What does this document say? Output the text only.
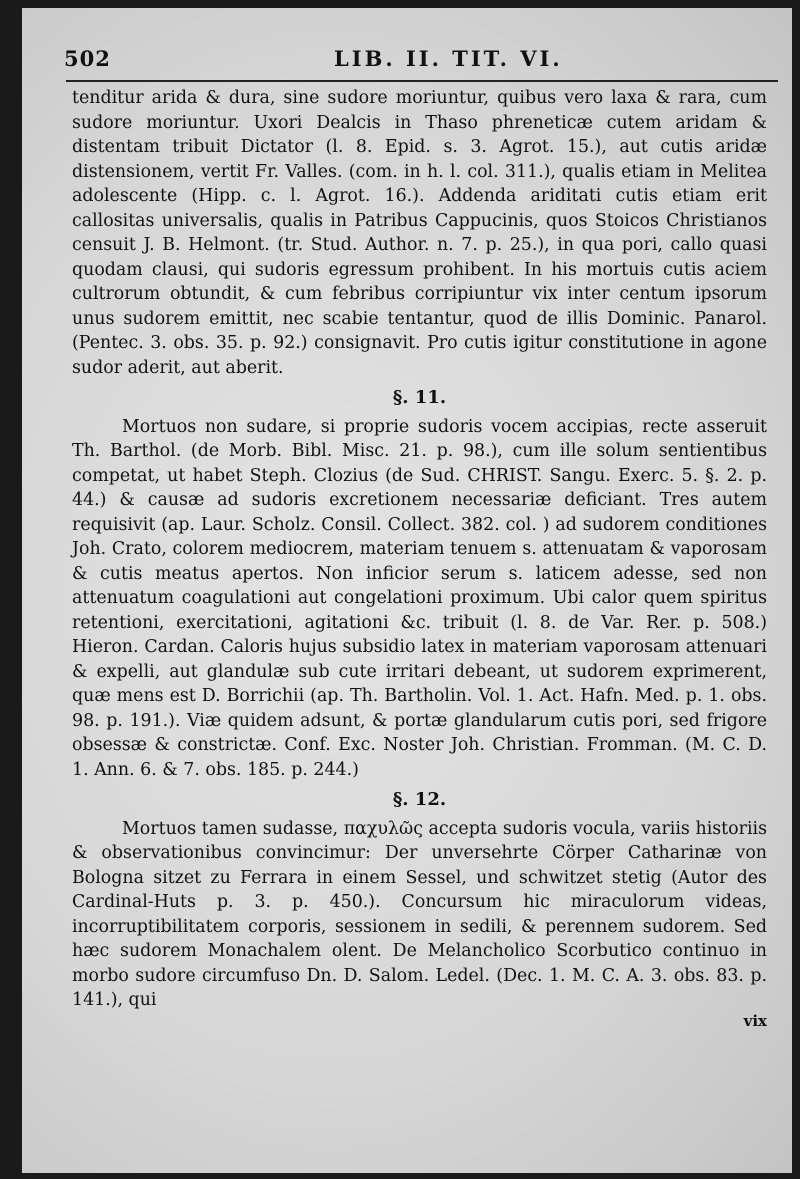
502	LIB. II. TIT. VI.

tenditur arida & dura, sine sudore moriuntur, quibus vero laxa & rara, cum sudore moriuntur. Uxori Dealcis in Thaso phreneticæ cutem aridam & distentam tribuit Dictator (l. 8. Epid. s. 3. Agrot. 15.), aut cutis aridæ distensionem, vertit Fr. Valles. (com. in h. l. col. 311.), qualis etiam in Melitea adolescente (Hipp. c. l. Agrot. 16.). Addenda ariditati cutis etiam erit callositas universalis, qualis in Patribus Cappucinis, quos Stoicos Christianos censuit J. B. Helmont. (tr. Stud. Author. n. 7. p. 25.), in qua pori, callo quasi quodam clausi, qui sudoris egressum prohibent. In his mortuis cutis aciem cultrorum obtundit, & cum febribus corripiuntur vix inter centum ipsorum unus sudorem emittit, nec scabie tentantur, quod de illis Dominic. Panarol. (Pentec. 3. obs. 35. p. 92.) consignavit. Pro cutis igitur constitutione in agone sudor aderit, aut aberit.

§. 11.

Mortuos non sudare, si proprie sudoris vocem accipias, recte asseruit Th. Barthol. (de Morb. Bibl. Misc. 21. p. 98.), cum ille solum sentientibus competat, ut habet Steph. Clozius (de Sud. CHRIST. Sangu. Exerc. 5. §. 2. p. 44.) & causæ ad sudoris excretionem necessariæ deficiant. Tres autem requisivit (ap. Laur. Scholz. Consil. Collect. 382. col. ) ad sudorem conditiones Joh. Crato, colorem mediocrem, materiam tenuem s. attenuatam & vaporosam & cutis meatus apertos. Non inficior serum s. laticem adesse, sed non attenuatum coagulationi aut congelationi proximum. Ubi calor quem spiritus retentioni, exercitationi, agitationi &c. tribuit (l. 8. de Var. Rer. p. 508.) Hieron. Cardan. Caloris hujus subsidio latex in materiam vaporosam attenuari & expelli, aut glandulæ sub cute irritari debeant, ut sudorem exprimerent, quæ mens est D. Borrichii (ap. Th. Bartholin. Vol. 1. Act. Hafn. Med. p. 1. obs. 98. p. 191.). Viæ quidem adsunt, & portæ glandularum cutis pori, sed frigore obsessæ & constrictæ. Conf. Exc. Noster Joh. Christian. Fromman. (M. C. D. 1. Ann. 6. & 7. obs. 185. p. 244.)

§. 12.

Mortuos tamen sudasse, παχυλῶς accepta sudoris vocula, variis historiis & observationibus convincimur: Der unversehrte Cörper Catharinæ von Bologna sitzet zu Ferrara in einem Sessel, und schwitzet stetig (Autor des Cardinal-Huts p. 3. p. 450.). Concursum hic miraculorum videas, incorruptibilitatem corporis, sessionem in sedili, & perennem sudorem. Sed hæc sudorem Monachalem olent. De Melancholico Scorbutico continuo in morbo sudore circumfuso Dn. D. Salom. Ledel. (Dec. 1. M. C. A. 3. obs. 83. p. 141.), qui

vix
